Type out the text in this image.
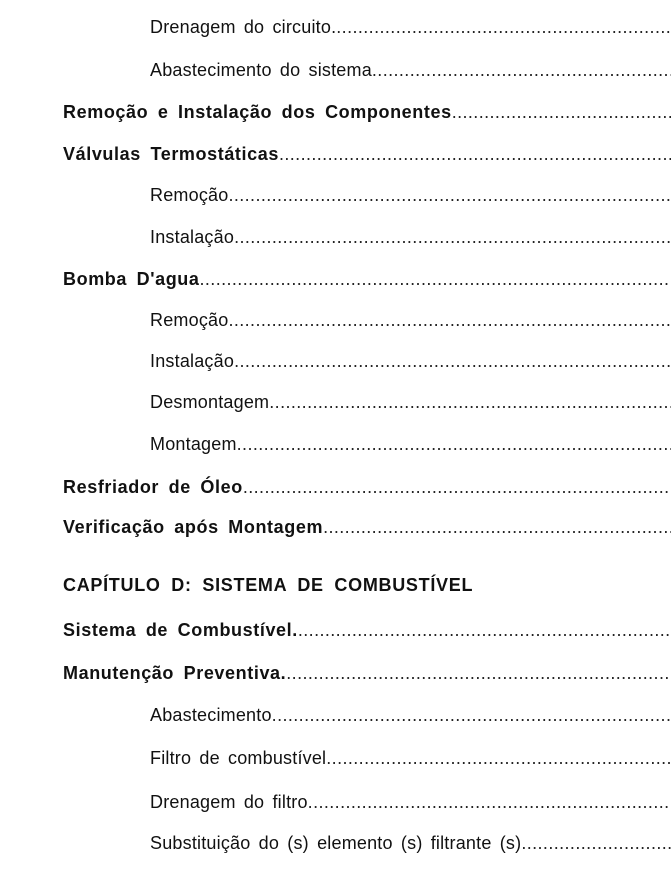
Drenagem do circuito.
.....
Abastecimento do sistema
.....
Remoção e Instalação dos Componentes
.....
Válvulas Termostáticas
.....
Remoção
.....
Instalação
.....
Bomba D'agua
.....
Remoção
.....
Instalação
.....
Desmontagem
.....
Montagem
.....
Resfriador de Óleo
.....
Verificação após Montagem
.....
CAPÍTULO D: SISTEMA DE COMBUSTÍVEL
Sistema de Combustível.
.....
Manutenção Preventiva.
.....
Abastecimento
.....
Filtro de combustível
.....
Drenagem do filtro
.....
Substituição do (s) elemento (s) filtrante (s)
.....
